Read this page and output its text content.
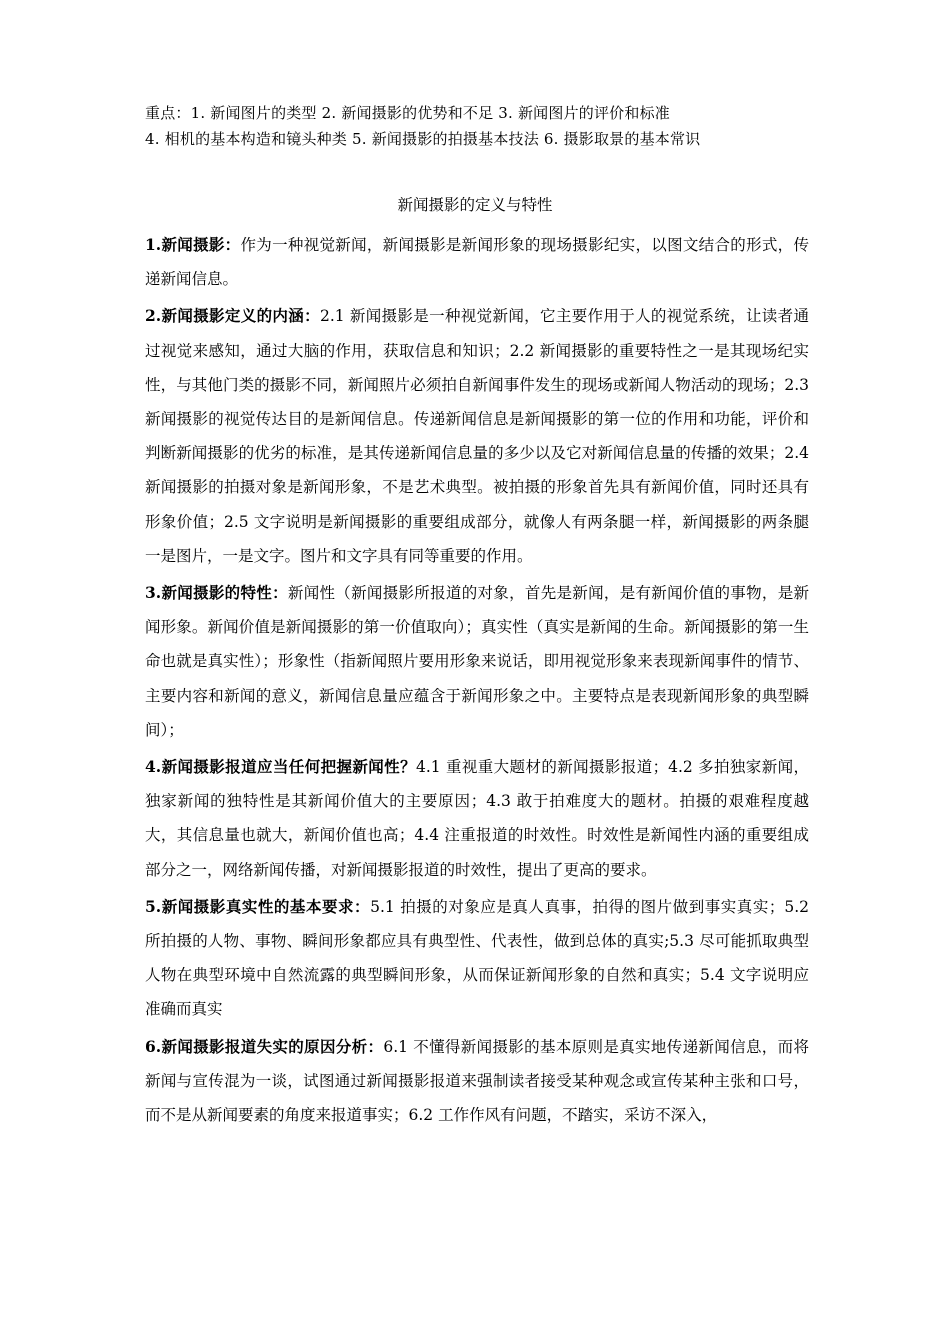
重点：1. 新闻图片的类型 2. 新闻摄影的优势和不足 3. 新闻图片的评价和标准
4. 相机的基本构造和镜头种类 5. 新闻摄影的拍摄基本技法 6. 摄影取景的基本常识
新闻摄影的定义与特性

1.新闻摄影：作为一种视觉新闻，新闻摄影是新闻形象的现场摄影纪实，以图文结合的形式，传递新闻信息。

2.新闻摄影定义的内涵：2.1 新闻摄影是一种视觉新闻，它主要作用于人的视觉系统，让读者通过视觉来感知，通过大脑的作用，获取信息和知识；2.2 新闻摄影的重要特性之一是其现场纪实性，与其他门类的摄影不同，新闻照片必须拍自新闻事件发生的现场或新闻人物活动的现场；2.3 新闻摄影的视觉传达目的是新闻信息。传递新闻信息是新闻摄影的第一位的作用和功能，评价和判断新闻摄影的优劣的标准，是其传递新闻信息量的多少以及它对新闻信息量的传播的效果；2.4 新闻摄影的拍摄对象是新闻形象，不是艺术典型。被拍摄的形象首先具有新闻价值，同时还具有形象价值；2.5 文字说明是新闻摄影的重要组成部分，就像人有两条腿一样，新闻摄影的两条腿一是图片，一是文字。图片和文字具有同等重要的作用。

3.新闻摄影的特性：新闻性（新闻摄影所报道的对象，首先是新闻，是有新闻价值的事物，是新闻形象。新闻价值是新闻摄影的第一价值取向）；真实性（真实是新闻的生命。新闻摄影的第一生命也就是真实性）；形象性（指新闻照片要用形象来说话，即用视觉形象来表现新闻事件的情节、主要内容和新闻的意义，新闻信息量应蕴含于新闻形象之中。主要特点是表现新闻形象的典型瞬间）；

4.新闻摄影报道应当任何把握新闻性？4.1 重视重大题材的新闻摄影报道；4.2 多拍独家新闻，独家新闻的独特性是其新闻价值大的主要原因；4.3 敢于拍难度大的题材。拍摄的艰难程度越大，其信息量也就大，新闻价值也高；4.4 注重报道的时效性。时效性是新闻性内涵的重要组成部分之一，网络新闻传播，对新闻摄影报道的时效性，提出了更高的要求。

5.新闻摄影真实性的基本要求：5.1 拍摄的对象应是真人真事，拍得的图片做到事实真实；5.2 所拍摄的人物、事物、瞬间形象都应具有典型性、代表性，做到总体的真实;5.3 尽可能抓取典型人物在典型环境中自然流露的典型瞬间形象，从而保证新闻形象的自然和真实；5.4 文字说明应准确而真实

6.新闻摄影报道失实的原因分析：6.1 不懂得新闻摄影的基本原则是真实地传递新闻信息，而将新闻与宣传混为一谈，试图通过新闻摄影报道来强制读者接受某种观念或宣传某种主张和口号，而不是从新闻要素的角度来报道事实；6.2 工作作风有问题，不踏实，采访不深入，
